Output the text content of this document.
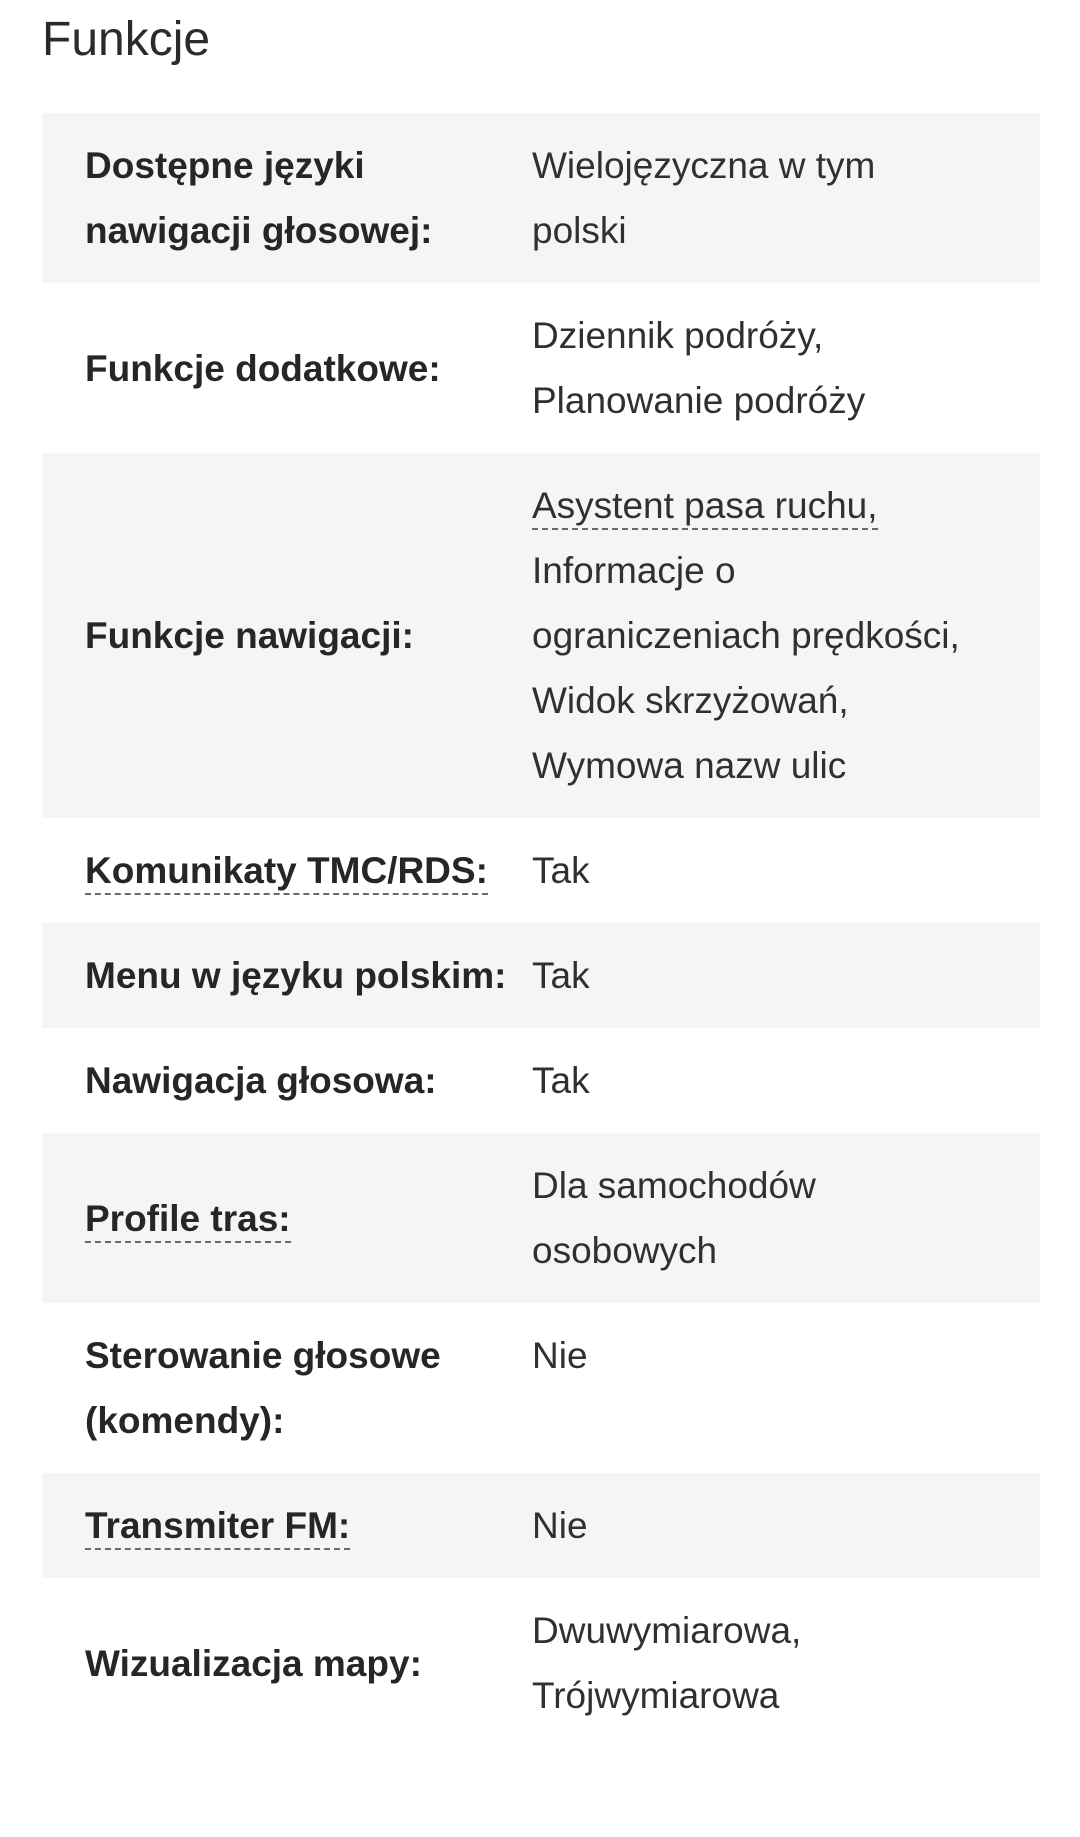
Funkcje
Dostępne języki nawigacji głosowej:
Wielojęzyczna w tym polski
Funkcje dodatkowe:
Dziennik podróży, Planowanie podróży
Funkcje nawigacji:
Asystent pasa ruchu,
Informacje o ograniczeniach prędkości, Widok skrzyżowań, Wymowa nazw ulic
Komunikaty TMC/RDS:	Tak
Menu w języku polskim: Tak
Nawigacja głosowa:	Tak
Profile tras:
Dla samochodów osobowych
Sterowanie głosowe (komendy):
Nie
Transmiter FM:	Nie
Wizualizacja mapy:
Dwuwymiarowa, Trójwymiarowa
